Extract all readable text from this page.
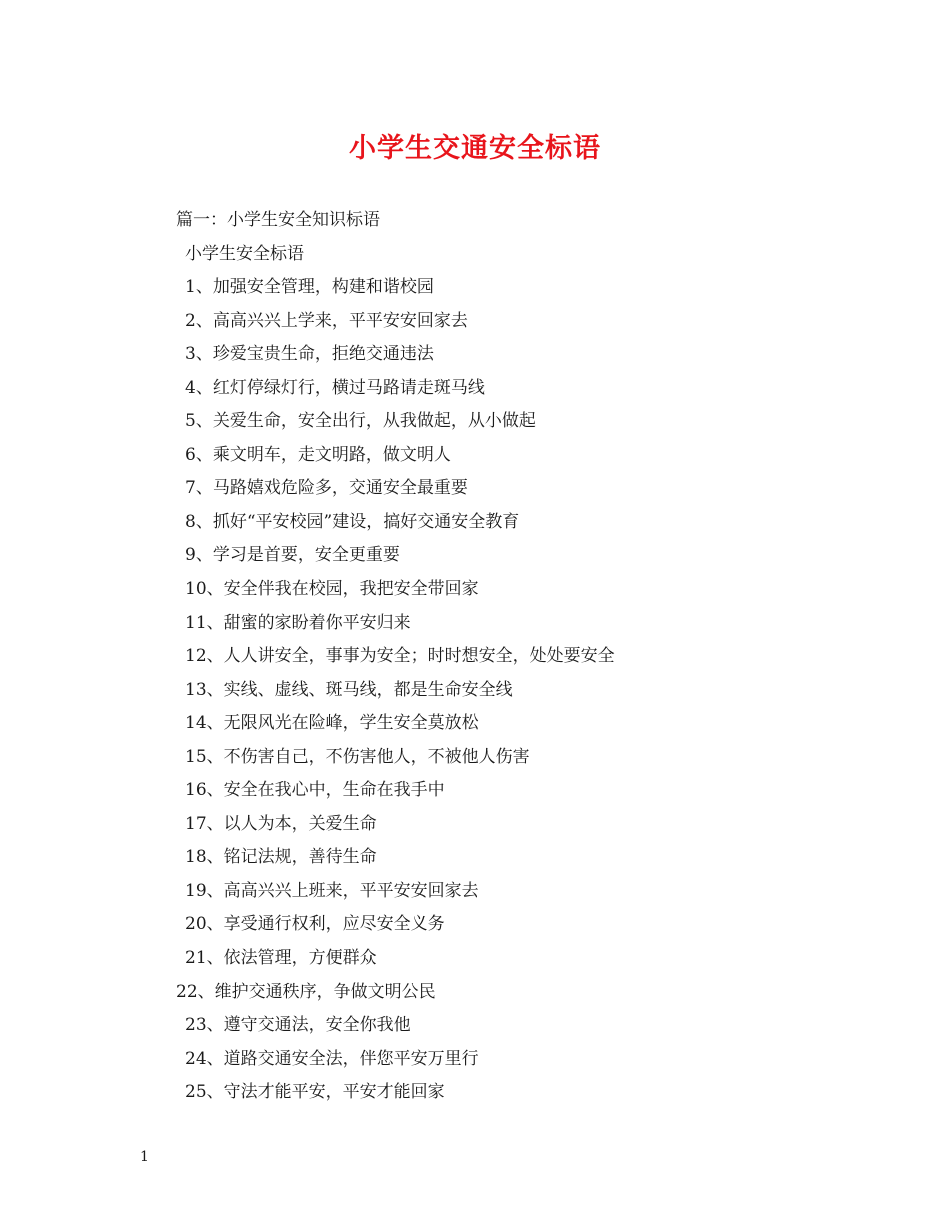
小学生交通安全标语
篇一：小学生安全知识标语
小学生安全标语
1、加强安全管理，构建和谐校园
2、高高兴兴上学来，平平安安回家去
3、珍爱宝贵生命，拒绝交通违法
4、红灯停绿灯行，横过马路请走斑马线
5、关爱生命，安全出行，从我做起，从小做起
6、乘文明车，走文明路，做文明人
7、马路嬉戏危险多，交通安全最重要
8、抓好“平安校园”建设，搞好交通安全教育
9、学习是首要，安全更重要
10、安全伴我在校园，我把安全带回家
11、甜蜜的家盼着你平安归来
12、人人讲安全，事事为安全；时时想安全，处处要安全
13、实线、虚线、斑马线，都是生命安全线
14、无限风光在险峰，学生安全莫放松
15、不伤害自己，不伤害他人，不被他人伤害
16、安全在我心中，生命在我手中
17、以人为本，关爱生命
18、铭记法规，善待生命
19、高高兴兴上班来，平平安安回家去
20、享受通行权利，应尽安全义务
21、依法管理，方便群众
22、维护交通秩序，争做文明公民
23、遵守交通法，安全你我他
24、道路交通安全法，伴您平安万里行
25、守法才能平安，平安才能回家
1
